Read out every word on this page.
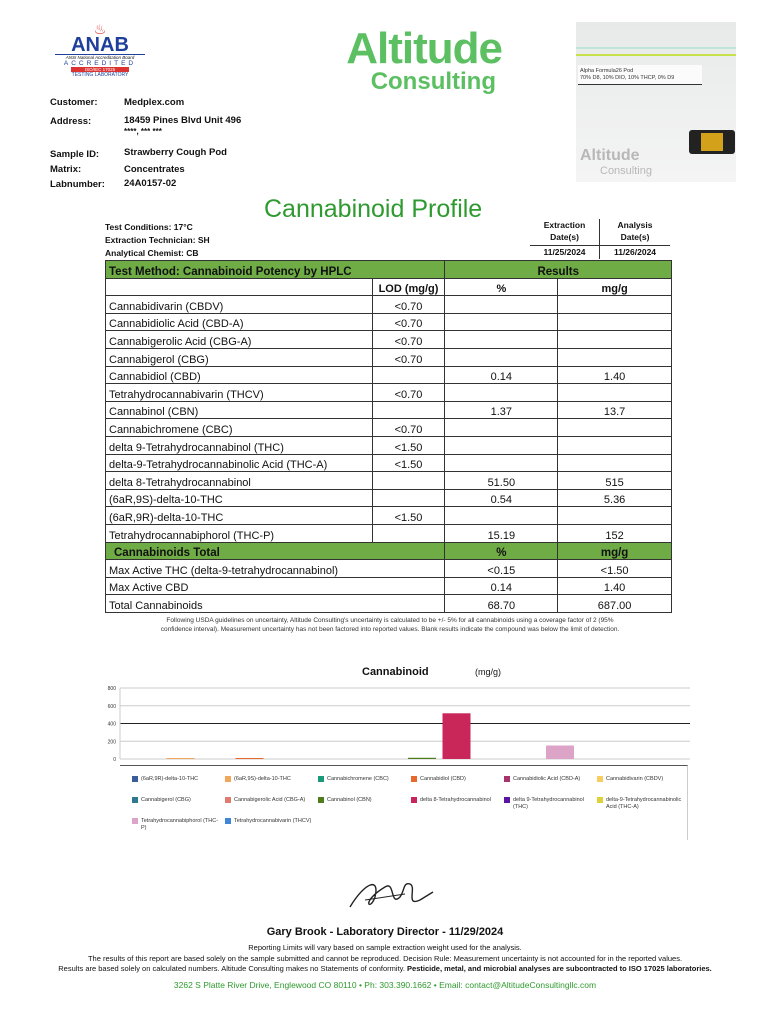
♨
ANAB
ANSI National Accreditation Board
ACCREDITED
ISO/IEC 17025
TESTING LABORATORY
Altitude
Consulting	Alpha Formula26 Pod
70% D8, 10% DIO, 10% THCP, 0% D9
Altitude
Consulting
Customer:	Medplex.com
Address:	18459 Pines Blvd Unit 496
****, *** ***
Sample ID:	Strawberry Cough Pod
Matrix:	Concentrates
Labnumber: 24A0157-02
Cannabinoid Profile
Test Conditions: 17°C
Extraction Technician: SH
Analytical Chemist: CB
Extraction
Date(s)
Analysis
Date(s)
11/25/2024	11/26/2024
Test Method: Cannabinoid Potency by HPLC		Results	
	LOD (mg/g)	%	mg/g
Cannabidivarin (CBDV)	<0.70		
Cannabidiolic Acid (CBD-A)	<0.70		
Cannabigerolic Acid (CBG-A)	<0.70		
Cannabigerol (CBG)	<0.70		
Cannabidiol (CBD)		0.14	1.40
Tetrahydrocannabivarin (THCV)	<0.70		
Cannabinol (CBN)		1.37	13.7
Cannabichromene (CBC)	<0.70		
delta 9-Tetrahydrocannabinol (THC)	<1.50		
delta-9-Tetrahydrocannabinolic Acid (THC-A)	<1.50		
delta 8-Tetrahydrocannabinol		51.50	515
(6aR,9S)-delta-10-THC		0.54	5.36
(6aR,9R)-delta-10-THC	<1.50		
Tetrahydrocannabiphorol (THC-P)		15.19	152
Cannabinoids Total		%	mg/g
Max Active THC (delta-9-tetrahydrocannabinol)		<0.15	<1.50
Max Active CBD		0.14	1.40
Total Cannabinoids		68.70	687.00
Following USDA guidelines on uncertainty, Altitude Consulting's uncertainty is calculated to be +/- 5% for all cannabinoids using a coverage factor of 2 (95%
confidence interval). Measurement uncertainty has not been factored into reported values. Blank results indicate the compound was below the limit of detection.
Cannabinoid	(mg/g)
0
200
400
600
800
(6aR,9R)-delta-10-THC	(6aR,9S)-delta-10-THC	Cannabichromene (CBC)	Cannabidiol (CBD)	Cannabidiolic Acid (CBD-A)	Cannabidivarin (CBDV)
Cannabigerol (CBG)	Cannabigerolic Acid (CBG-A)	Cannabinol (CBN)	delta 8-Tetrahydrocannabinol	delta 9-Tetrahydrocannabinol (THC)
delta-9-Tetrahydrocannabinolic Acid (THC-A)
Tetrahydrocannabiphorol (THC-P)
Tetrahydrocannabivarin (THCV)
Gary Brook - Laboratory Director - 11/29/2024
Reporting Limits will vary based on sample extraction weight used for the analysis.
The results of this report are based solely on the sample submitted and cannot be reproduced. Decision Rule: Measurement uncertainty is not accounted for in the reported values.
Results are based solely on calculated numbers. Altitude Consulting makes no Statements of conformity. Pesticide, metal, and microbial analyses are subcontracted to ISO 17025 laboratories.
3262 S Platte River Drive, Englewood CO 80110 • Ph: 303.390.1662 • Email: contact@AltitudeConsultingllc.com
